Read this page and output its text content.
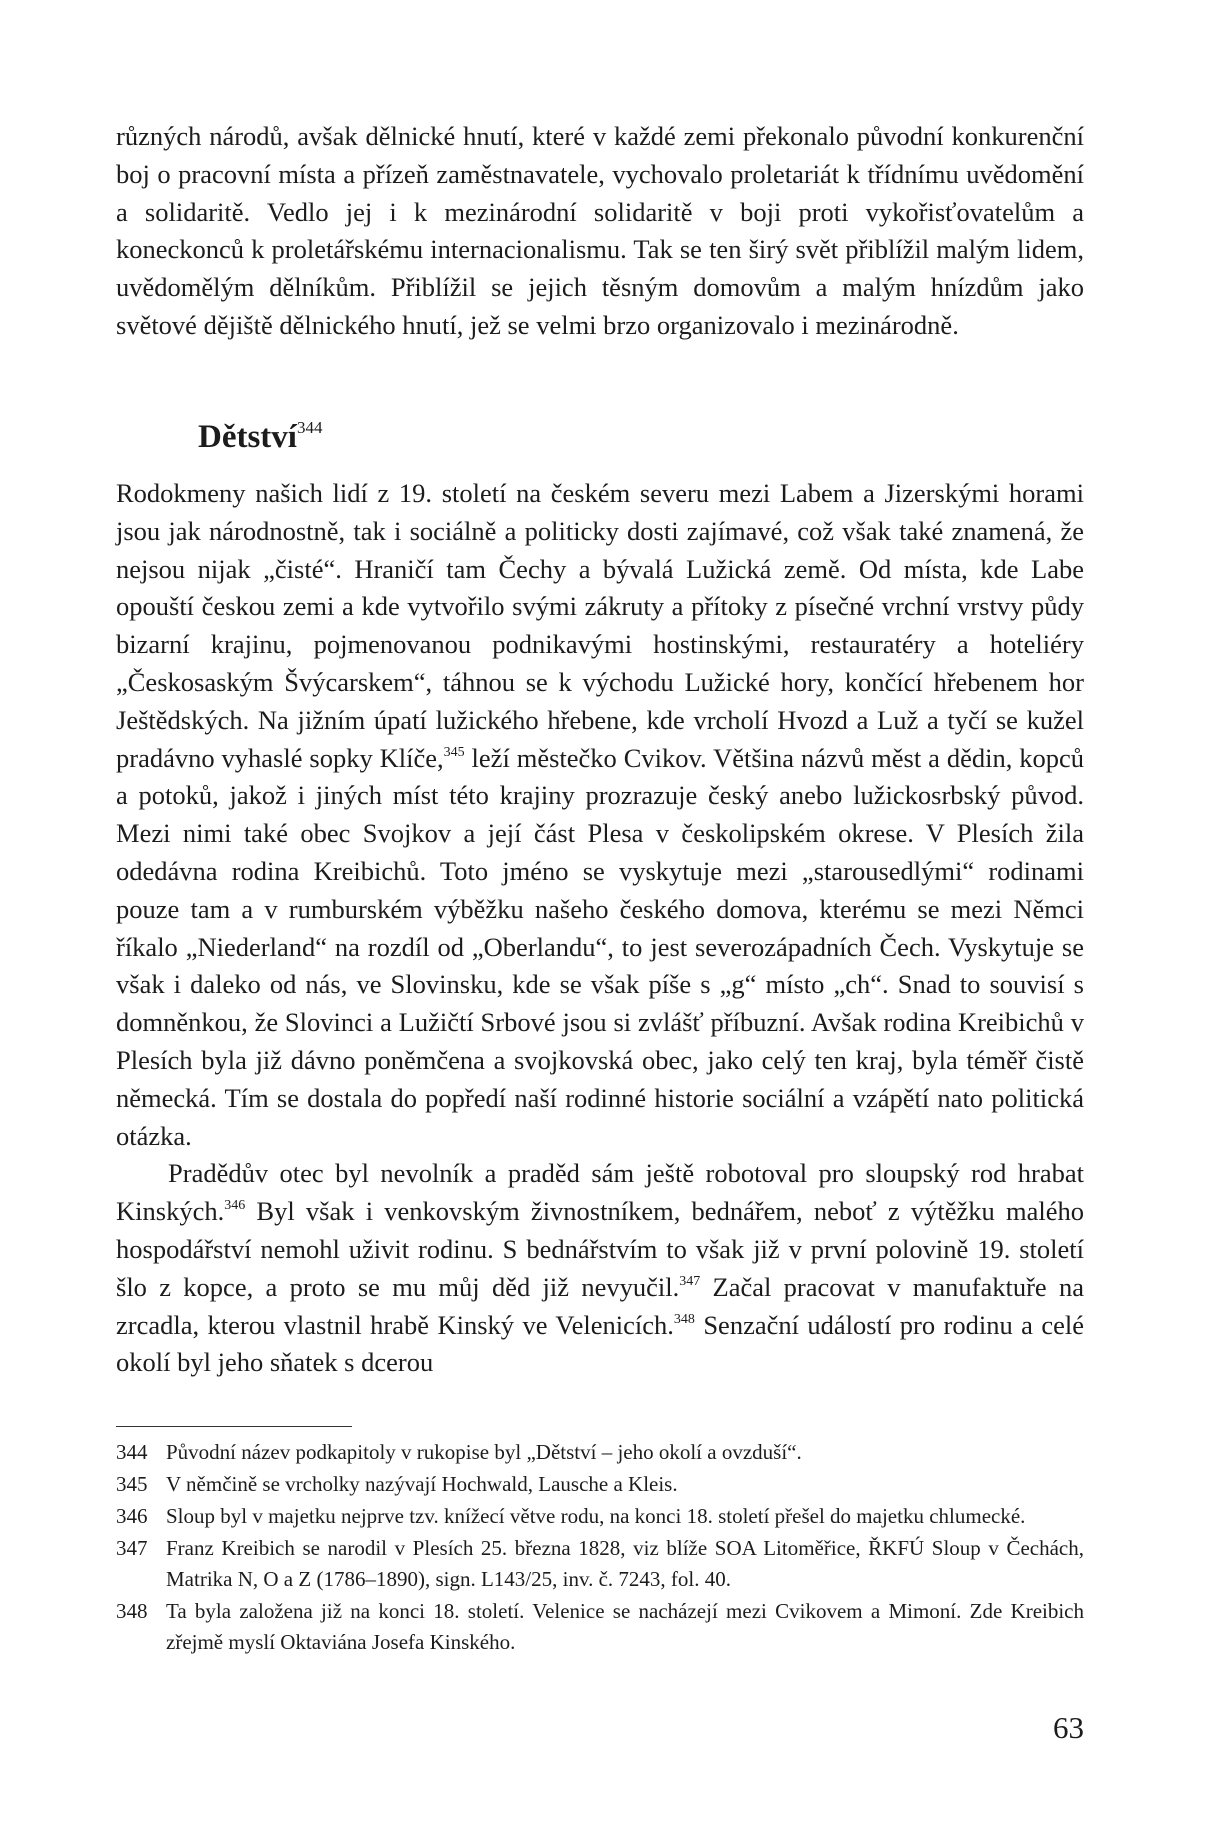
různých národů, avšak dělnické hnutí, které v každé zemi překonalo původní konkurenční boj o pracovní místa a přízeň zaměstnavatele, vychovalo proletariát k třídnímu uvědomění a solidaritě. Vedlo jej i k mezinárodní solidaritě v boji proti vykořisťovatelům a koneckonců k proletářskému internacionalismu. Tak se ten širý svět přiblížil malým lidem, uvědomělým dělníkům. Přiblížil se jejich těsným domovům a malým hnízdům jako světové dějiště dělnického hnutí, jež se velmi brzo organizovalo i mezinárodně.

Dětství$^{344}$

Rodokmeny našich lidí z 19. století na českém severu mezi Labem a Jizerskými horami jsou jak národnostně, tak i sociálně a politicky dosti zajímavé, což však také znamená, že nejsou nijak „čisté“. Hraničí tam Čechy a bývalá Lužická země. Od místa, kde Labe opouští českou zemi a kde vytvořilo svými zákruty a přítoky z písečné vrchní vrstvy půdy bizarní krajinu, pojmenovanou podnikavými hostinskými, restauratéry a hoteliéry „Českosaským Švýcarskem“, táhnou se k východu Lužické hory, končící hřebenem hor Ještědských. Na jižním úpatí lužického hřebene, kde vrcholí Hvozd a Luž a tyčí se kužel pradávno vyhaslé sopky Klíče,$^{345}$ leží městečko Cvikov. Většina názvů měst a dědin, kopců a potoků, jakož i jiných míst této krajiny prozrazuje český anebo lužickosrbský původ. Mezi nimi také obec Svojkov a její část Plesa v českolipském okrese. V Plesích žila odedávna rodina Kreibichů. Toto jméno se vyskytuje mezi „starousedlými“ rodinami pouze tam a v rumburském výběžku našeho českého domova, kterému se mezi Němci říkalo „Niederland“ na rozdíl od „Oberlandu“, to jest severozápadních Čech. Vyskytuje se však i daleko od nás, ve Slovinsku, kde se však píše s „g“ místo „ch“. Snad to souvisí s domněnkou, že Slovinci a Lužičtí Srbové jsou si zvlášť příbuzní. Avšak rodina Kreibichů v Plesích byla již dávno poněmčena a svojkovská obec, jako celý ten kraj, byla téměř čistě německá. Tím se dostala do popředí naší rodinné historie sociální a vzápětí nato politická otázka.

Pradědův otec byl nevolník a praděd sám ještě robotoval pro sloupský rod hrabat Kinských.$^{346}$ Byl však i venkovským živnostníkem, bednářem, neboť z výtěžku malého hospodářství nemohl uživit rodinu. S bednářstvím to však již v první polovině 19. století šlo z kopce, a proto se mu můj děd již nevyučil.$^{347}$ Začal pracovat v manufaktuře na zrcadla, kterou vlastnil hrabě Kinský ve Velenicích.$^{348}$ Senzační událostí pro rodinu a celé okolí byl jeho sňatek s dcerou

344 Původní název podkapitoly v rukopise byl „Dětství – jeho okolí a ovzduší“.
345 V němčině se vrcholky nazývají Hochwald, Lausche a Kleis.
346 Sloup byl v majetku nejprve tzv. knížecí větve rodu, na konci 18. století přešel do majetku chlumecké.
347 Franz Kreibich se narodil v Plesích 25. března 1828, viz blíže SOA Litoměřice, ŘKFÚ Sloup v Čechách, Matrika N, O a Z (1786–1890), sign. L143/25, inv. č. 7243, fol. 40.
348 Ta byla založena již na konci 18. století. Velenice se nacházejí mezi Cvikovem a Mimoní. Zde Kreibich zřejmě myslí Oktaviána Josefa Kinského.
63
